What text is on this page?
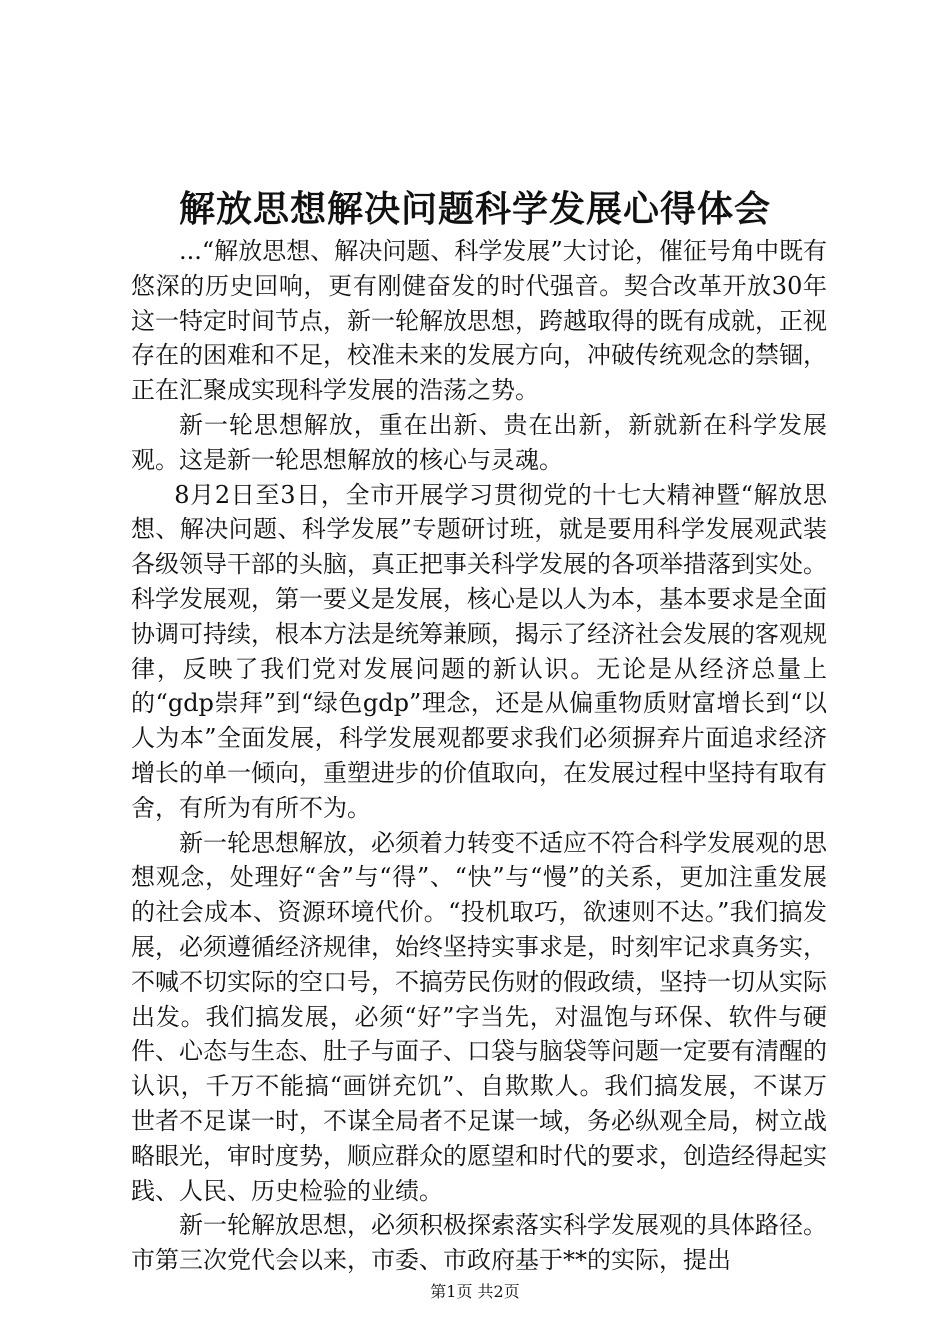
解放思想解决问题科学发展心得体会

...“解放思想、解决问题、科学发展”大讨论，催征号角中既有悠深的历史回响，更有刚健奋发的时代强音。契合改革开放30年这一特定时间节点，新一轮解放思想，跨越取得的既有成就，正视存在的困难和不足，校准未来的发展方向，冲破传统观念的禁锢，正在汇聚成实现科学发展的浩荡之势。

新一轮思想解放，重在出新、贵在出新，新就新在科学发展观。这是新一轮思想解放的核心与灵魂。

8月2日至3日，全市开展学习贯彻党的十七大精神暨“解放思想、解决问题、科学发展”专题研讨班，就是要用科学发展观武装各级领导干部的头脑，真正把事关科学发展的各项举措落到实处。科学发展观，第一要义是发展，核心是以人为本，基本要求是全面协调可持续，根本方法是统筹兼顾，揭示了经济社会发展的客观规律，反映了我们党对发展问题的新认识。无论是从经济总量上的“gdp崇拜”到“绿色gdp”理念，还是从偏重物质财富增长到“以人为本”全面发展，科学发展观都要求我们必须摒弃片面追求经济增长的单一倾向，重塑进步的价值取向，在发展过程中坚持有取有舍，有所为有所不为。

新一轮思想解放，必须着力转变不适应不符合科学发展观的思想观念，处理好“舍”与“得”、“快”与“慢”的关系，更加注重发展的社会成本、资源环境代价。“投机取巧，欲速则不达。”我们搞发展，必须遵循经济规律，始终坚持实事求是，时刻牢记求真务实，不喊不切实际的空口号，不搞劳民伤财的假政绩，坚持一切从实际出发。我们搞发展，必须“好”字当先，对温饱与环保、软件与硬件、心态与生态、肚子与面子、口袋与脑袋等问题一定要有清醒的认识，千万不能搞“画饼充饥”、自欺欺人。我们搞发展，不谋万世者不足谋一时，不谋全局者不足谋一域，务必纵观全局，树立战略眼光，审时度势，顺应群众的愿望和时代的要求，创造经得起实践、人民、历史检验的业绩。

新一轮解放思想，必须积极探索落实科学发展观的具体路径。市第三次党代会以来，市委、市政府基于**的实际，提出

第1页 共2页
